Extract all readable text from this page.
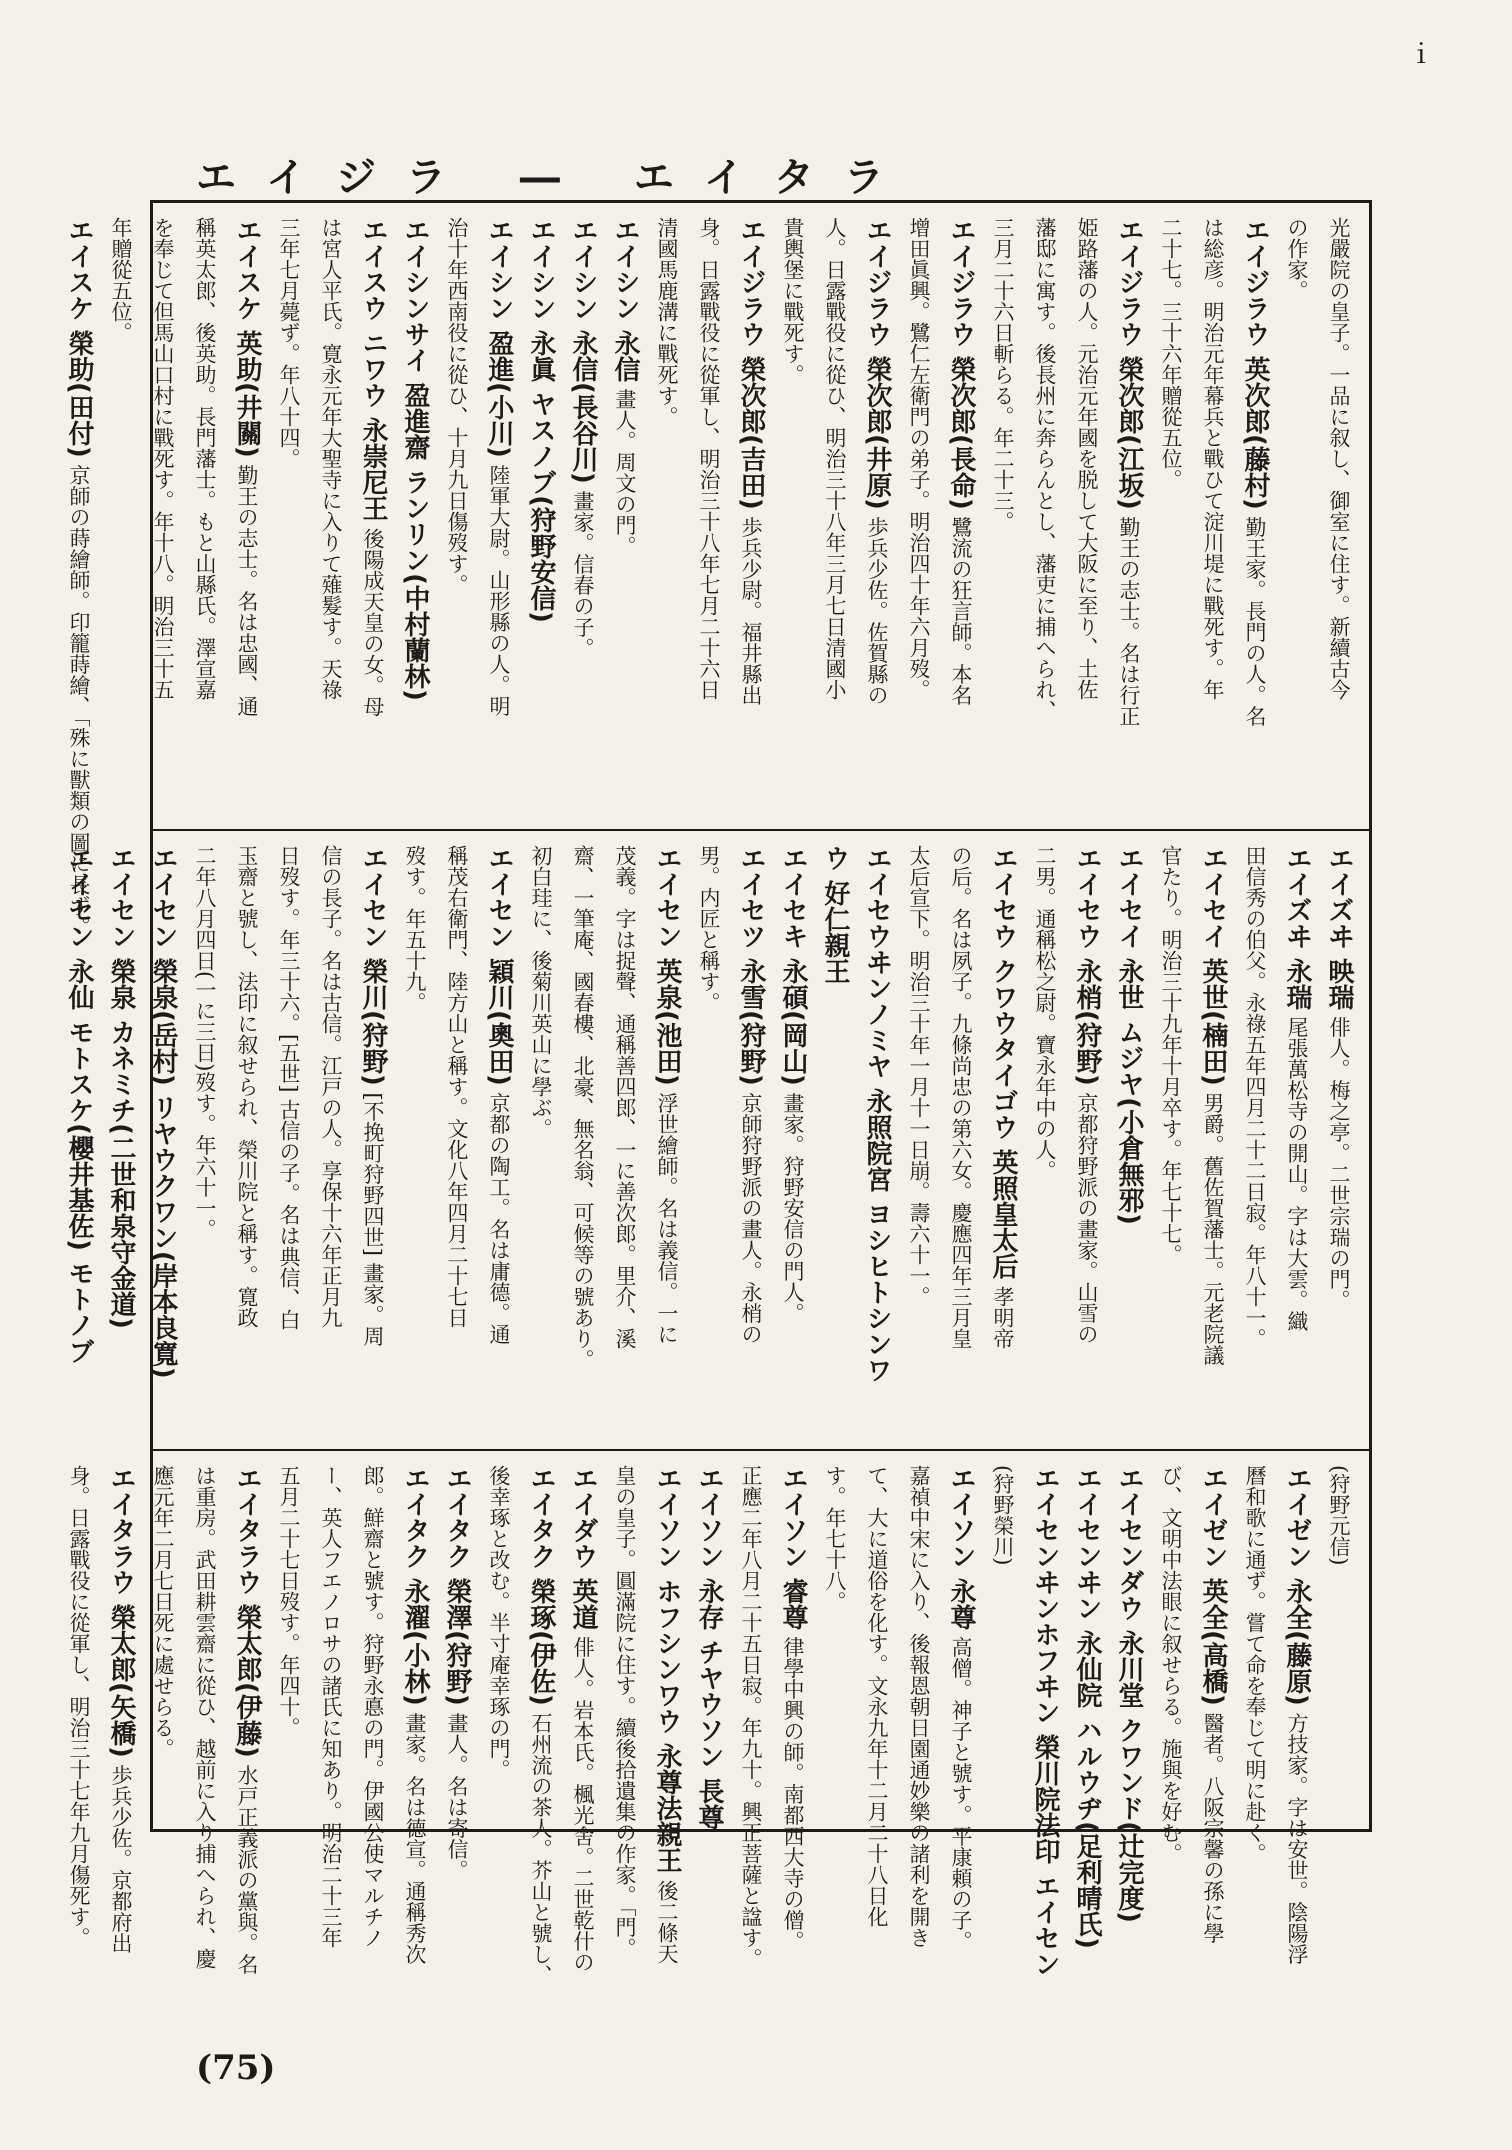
ｉ
エイジラ ― エイタラ
光嚴院の皇子。一品に叙し、御室に住す。新續古今
の作家。
エイジラウ 英次郎(藤村) 勤王家。長門の人。名
は総彦。明治元年幕兵と戰ひて淀川堤に戰死す。年
二十七。三十六年贈從五位。
エイジラウ 榮次郎(江坂) 勤王の志士。名は行正
姫路藩の人。元治元年國を脱して大阪に至り、土佐
藩邸に寓す。後長州に奔らんとし、藩吏に捕へられ、
三月二十六日斬らる。年二十三。
エイジラウ 榮次郎(長命) 鷺流の狂言師。本名
增田眞興。鷺仁左衛門の弟子。明治四十年六月歿。
エイジラウ 榮次郎(井原) 歩兵少佐。佐賀縣の
人。日露戰役に從ひ、明治三十八年三月七日清國小
貴輿堡に戰死す。
エイジラウ 榮次郎(吉田) 歩兵少尉。福井縣出
身。日露戰役に從軍し、明治三十八年七月二十六日
清國馬鹿溝に戰死す。
エイシン 永信 畫人。周文の門。
エイシン 永信(長谷川) 畫家。信春の子。
エイシン 永眞 ヤスノブ(狩野安信)
エイシン 盈進(小川) 陸軍大尉。山形縣の人。明
治十年西南役に從ひ、十月九日傷歿す。
エイシンサイ 盈進齋 ランリン(中村蘭林)
エイスウ ニワウ 永崇尼王 後陽成天皇の女。母
は宮人平氏。寛永元年大聖寺に入りて薙髮す。天祿
三年七月薨ず。年八十四。
エイスケ 英助(井關) 勤王の志士。名は忠國、通
稱英太郎、後英助。長門藩士。もと山縣氏。澤宣嘉
を奉じて但馬山口村に戰死す。年十八。明治三十五
年贈從五位。
エイスケ 榮助(田付) 京師の蒔繪師。印籠蒔繪、「殊に獸類の圖に長ず。	エイズヰ 映瑞 俳人。梅之亭。二世宗瑞の門。
エイズヰ 永瑞 尾張萬松寺の開山。字は大雲。織
田信秀の伯父。永祿五年四月二十二日寂。年八十一。
エイセイ 英世(楠田) 男爵。舊佐賀藩士。元老院議
官たり。明治三十九年十月卒す。年七十七。
エイセイ 永世 ムジヤ(小倉無邪)
エイセウ 永梢(狩野) 京都狩野派の畫家。山雪の
二男。通稱松之尉。寶永年中の人。
エイセウ クワウタイゴウ 英照皇太后 孝明帝
の后。名は夙子。九條尚忠の第六女。慶應四年三月皇
太后宣下。明治三十年一月十一日崩。壽六十一。
エイセウヰンノミヤ 永照院宮 ヨシヒトシンワ
ウ 好仁親王
エイセキ 永碩(岡山) 畫家。狩野安信の門人。
エイセツ 永雪(狩野) 京師狩野派の畫人。永梢の
男。内匠と稱す。
エイセン 英泉(池田) 浮世繪師。名は義信。一に
茂義。字は捉聲、通稱善四郎、一に善次郎。里介、溪
齋、一筆庵、國春樓、北豪、無名翁、可候等の號あり。
初白珪に、後菊川英山に學ぶ。
エイセン 穎川(奧田) 京都の陶工。名は庸德。通
稱茂右衛門、陸方山と稱す。文化八年四月二十七日
歿す。年五十九。
エイセン 榮川(狩野) [不挽町狩野四世] 畫家。周
信の長子。名は古信。江戸の人。享保十六年正月九
日歿す。年三十六。[五世] 古信の子。名は典信、白
玉齋と號し、法印に叙せられ、榮川院と稱す。寛政
二年八月四日(一に三日)歿す。年六十一。
エイセン 榮泉(岳村) リヤウクワン(岸本良寬)
エイセン 榮泉 カネミチ(二世和泉守金道)
エイセン 永仙 モトスケ(櫻井基佐) モトノブ
(狩野元信)
エイゼン 永全(藤原) 方技家。字は安世。陰陽浮
曆和歌に通ず。嘗て命を奉じて明に赴く。
エイゼン 英全(高橋) 醫者。八阪宗馨の孫に學
び、文明中法眼に叙せらる。施與を好む。
エイセンダウ 永川堂 クワンド(辻完度)
エイセンヰン 永仙院 ハルウヂ(足利晴氏)
エイセンヰンホフヰン 榮川院法印 エイセン
(狩野榮川)
エイソン 永尊 高僧。神子と號す。平康頼の子。
嘉禎中宋に入り、後報恩朝日園通妙樂の諸利を開き
て、大に道俗を化す。文永九年十二月二十八日化
す。年七十八。
エイソン 睿尊 律學中興の師。南都西大寺の僧。
正應二年八月二十五日寂。年九十。興正菩薩と諡す。
エイソン 永存 チヤウソン 長尊
エイソン ホフシンワウ 永尊法親王 後二條天
皇の皇子。圓滿院に住す。續後拾遺集の作家。「門。
エイダウ 英道 俳人。岩本氏。楓光舍。二世乾什の
エイタク 榮琢(伊佐) 石州流の茶人。芥山と號し、
後幸琢と改む。半寸庵幸琢の門。
エイタク 榮澤(狩野) 畫人。名は寄信。
エイタク 永濯(小林) 畫家。名は德宣。通稱秀次
郎。鮮齋と號す。狩野永悳の門。伊國公使マルチノ
ー、英人フエノロサの諸氏に知あり。明治二十三年
五月二十七日歿す。年四十。
エイタラウ 榮太郎(伊藤) 水戸正義派の黨與。名
は重房。武田耕雲齋に從ひ、越前に入り捕へられ、慶
應元年二月七日死に處せらる。
エイタラウ 榮太郎(矢橋) 歩兵少佐。京都府出
身。日露戰役に從軍し、明治三十七年九月傷死す。
(75)
